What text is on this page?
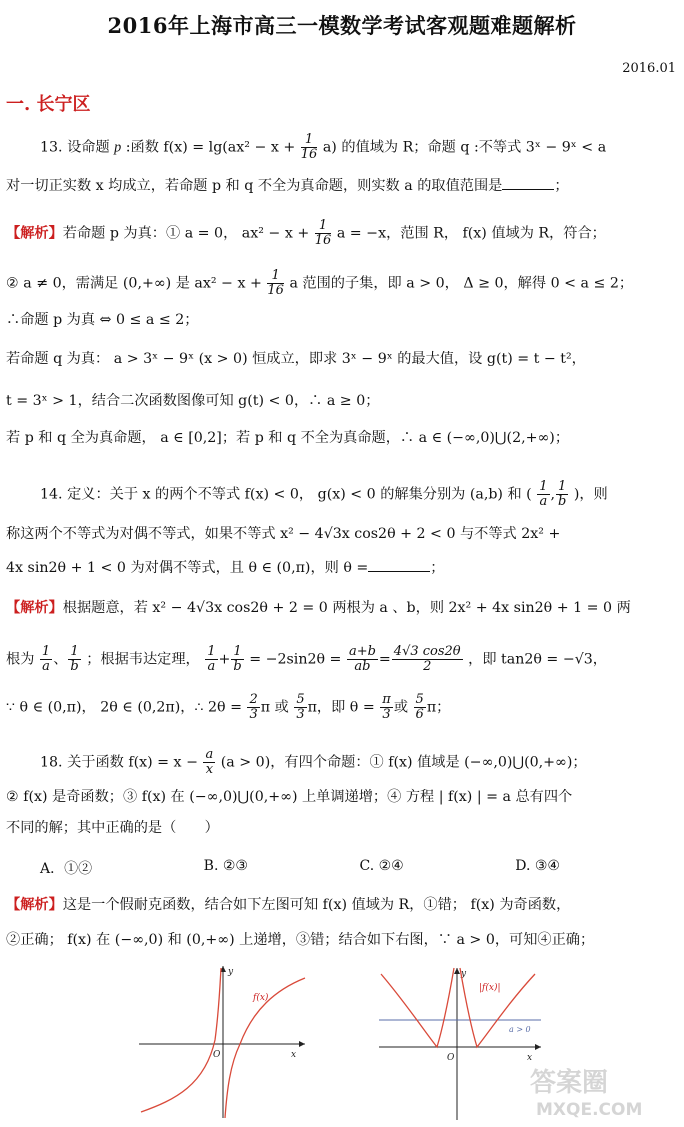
2016年上海市高三一模数学考试客观题难题解析
2016.01
一. 长宁区
13. 设命题 p :函数 $f(x) = \lg(ax^2 - x + \frac{1}{16} a)$ 的值域为 R；命题 q :不等式 3ˣ − 9ˣ < a
对一切正实数 x 均成立，若命题 p 和 q 不全为真命题，则实数 a 的取值范围是	；
【解析】若命题 p 为真：① a = 0， $ax^2 - x + \frac{1}{16}$ a = −x，范围 R， f(x) 值域为 R，符合；
② a ≠ 0，需满足 (0,+∞) 是 $ax^2 - x + \frac{1}{16}$ a 范围的子集，即 a > 0， Δ ≥ 0，解得 0 < a ≤ 2；
∴命题 p 为真 ⇔ 0 ≤ a ≤ 2；
若命题 q 为真： a > 3ˣ − 9ˣ (x > 0) 恒成立，即求 3ˣ − 9ˣ 的最大值，设 g(t) = t − t²，
t = 3ˣ > 1，结合二次函数图像可知 g(t) < 0，∴ a ≥ 0；
若 p 和 q 全为真命题， a ∈ [0,2]；若 p 和 q 不全为真命题，∴ a ∈ (−∞,0)⋃(2,+∞)；
14. 定义：关于 x 的两个不等式 f(x) < 0， g(x) < 0 的解集分别为 (a,b) 和 ( $\frac{1}{a}$ , $\frac{1}{b}$ )，则
称这两个不等式为对偶不等式，如果不等式 x² − 4√3x cos2θ + 2 < 0 与不等式 2x² +
4x sin2θ + 1 < 0 为对偶不等式，且 θ ∈ (0,π)，则 θ =	；
【解析】根据题意，若 x² − 4√3x cos2θ + 2 = 0 两根为 a 、b，则 2x² + 4x sin2θ + 1 = 0 两
根为 $\frac{1}{a}$ 、 $\frac{1}{b}$ ；根据韦达定理， $\frac{1}{a} + \frac{1}{b} = -2\sin 2\theta = \frac{a+b}{ab} = \frac{4√3 \cos 2\theta}{2}$ ，即 tan2θ = −√3，
∵ θ ∈ (0,π)， 2θ ∈ (0,2π)，∴ $2\theta = \frac{2}{3}$ π 或 $\frac{5}{3}$ π，即 $\theta = \frac{\pi}{3}$ 或 $\frac{5}{6}$ π；
18. 关于函数 $f(x) = x - \frac{a}{x} (a > 0)$，有四个命题：① f(x) 值域是 (−∞,0)⋃(0,+∞)；
② f(x) 是奇函数；③ f(x) 在 (−∞,0)⋃(0,+∞) 上单调递增；④ 方程 | f(x) | = a 总有四个
不同的解；其中正确的是（　　）
A．①②	B. ②③	C. ②④	D. ③④
【解析】这是一个假耐克函数，结合如下左图可知 f(x) 值域为 R，①错； f(x) 为奇函数，
②正确； f(x) 在 (−∞,0) 和 (0,+∞) 上递增，③错；结合如下右图，∵ a > 0，可知④正确；
y
x
O
f(x)
y
x
O
|f(x)|
a > 0
答案圈
MXQE.COM
